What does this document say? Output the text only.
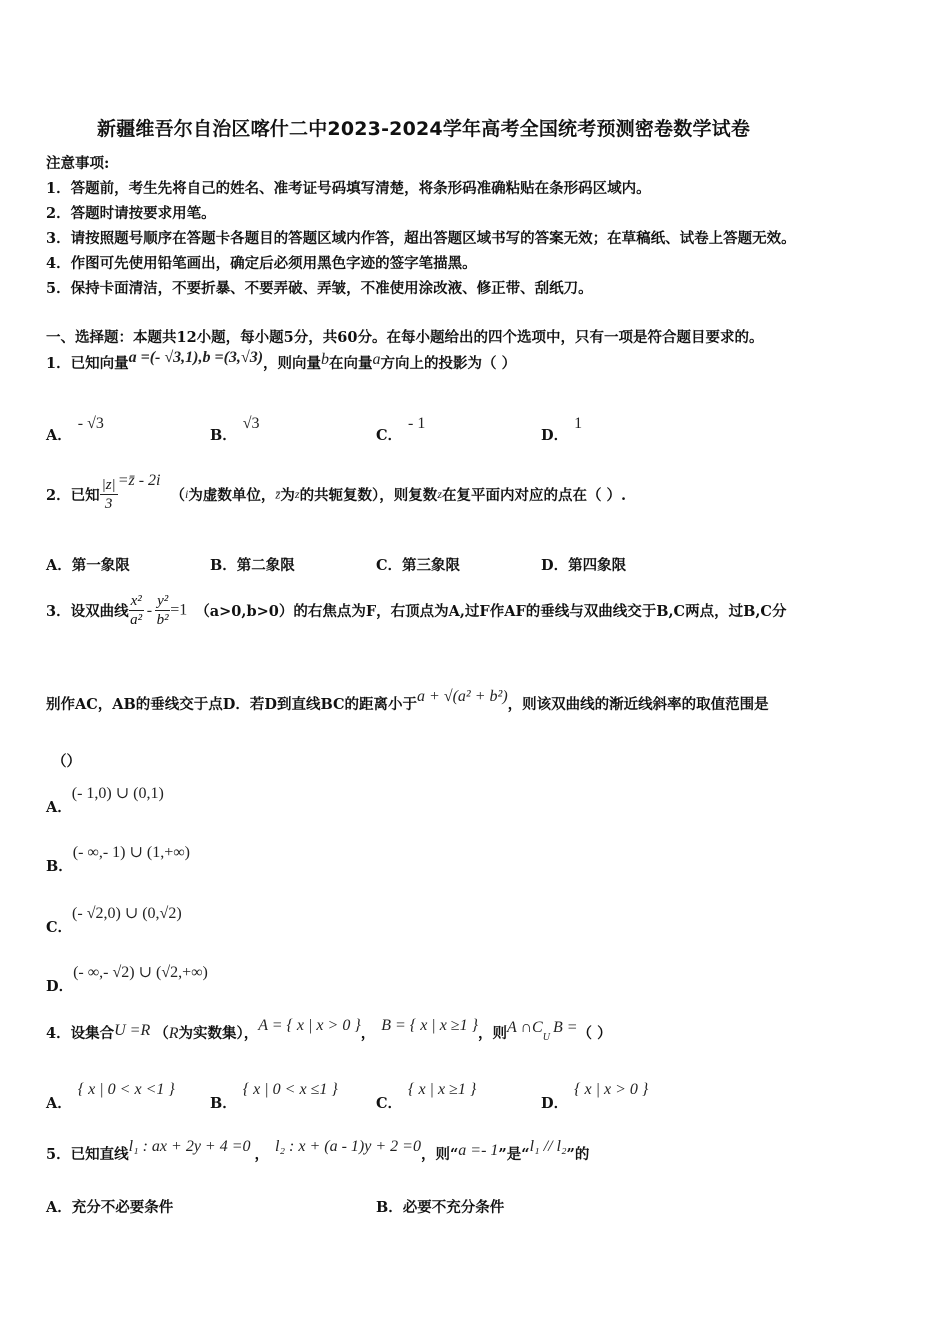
新疆维吾尔自治区喀什二中2023-2024学年高考全国统考预测密卷数学试卷
注意事项:
1．答题前，考生先将自己的姓名、准考证号码填写清楚，将条形码准确粘贴在条形码区域内。
2．答题时请按要求用笔。
3．请按照题号顺序在答题卡各题目的答题区域内作答，超出答题区域书写的答案无效；在草稿纸、试卷上答题无效。
4．作图可先使用铅笔画出，确定后必须用黑色字迹的签字笔描黑。
5．保持卡面清洁，不要折暴、不要弄破、弄皱，不准使用涂改液、修正带、刮纸刀。
一、选择题：本题共12小题，每小题5分，共60分。在每小题给出的四个选项中，只有一项是符合题目要求的。
1．已知向量a =(- √3,1),b =(3,√3)，则向量b在向量a方向上的投影为（ ）
A．- √3
B．√3
C．- 1
D．1
2．已知 $\frac{|z|}{3}$ =z̄ - 2i（i为虚数单位，z̄为z的共轭复数），则复数z在复平面内对应的点在（ ）.
A．第一象限	B．第二象限	C．第三象限	D．第四象限
3．设双曲线 $\frac{\text{x²}}{\text{a²}} - \frac{\text{y²}}{\text{b²}} =1$ （a>0,b>0）的右焦点为F，右顶点为A,过F作AF的垂线与双曲线交于B,C两点，过B,C分
别作AC，AB的垂线交于点D．若D到直线BC的距离小于a + √(a² + b²)，则该双曲线的渐近线斜率的取值范围是
（）
A．(- 1,0) ∪ (0,1)
B．(- ∞,- 1) ∪ (1,+∞)
C．(- √2,0) ∪ (0,√2)
D．(- ∞,- √2) ∪ (√2,+∞)
4．设集合U =R （R为实数集），A = { x | x > 0 }， B = { x | x ≥1 }，则A $\cap C_UB$ =（ ）
A．{ x | 0 < x <1 }
B．{ x | 0 < x ≤1 }
C．{ x | x ≥1 }
D．{ x | x > 0 }
5．已知直线l₁ : ax + 2y + 4 =0 ， l₂ : x + (a - 1)y + 2 =0，则“a =- 1”是“l₁ // l₂”的
A．充分不必要条件	B．必要不充分条件
